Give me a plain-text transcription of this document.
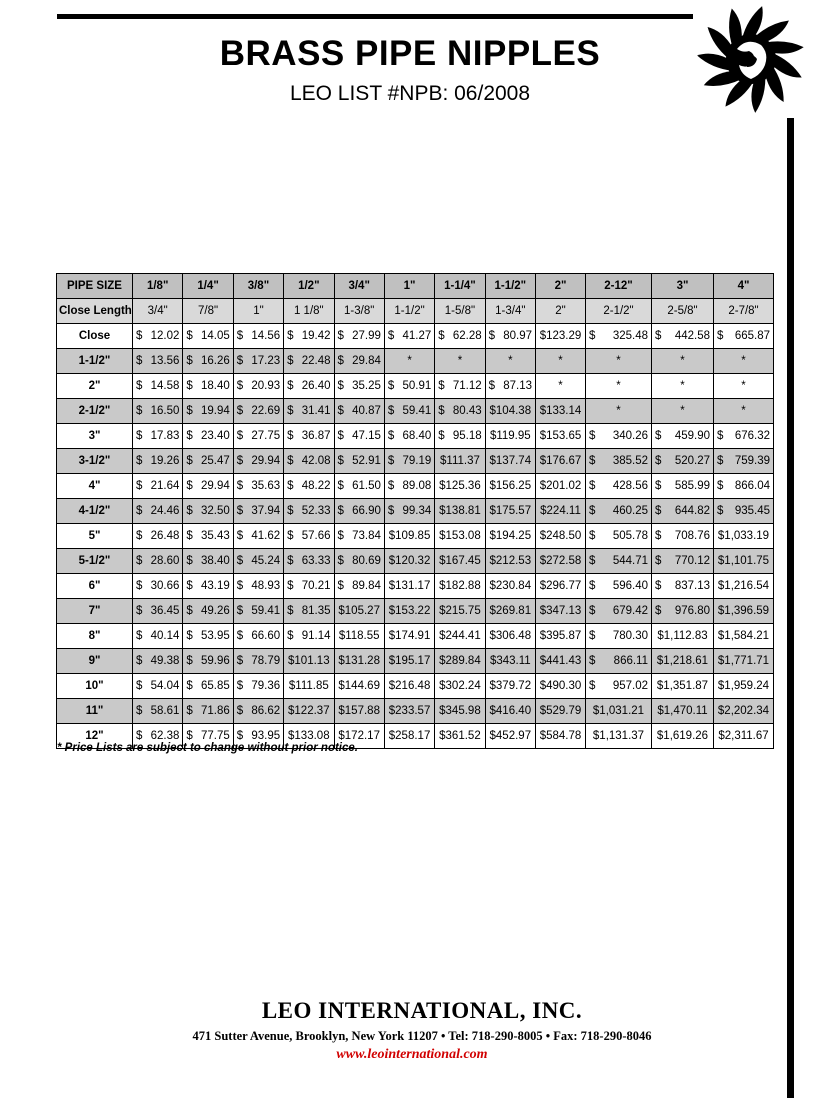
BRASS PIPE NIPPLES

LEO LIST #NPB: 06/2008

PIPE SIZE	1/8"	1/4"	3/8"	1/2"	3/4"	1"	1-1/4"	1-1/2"	2"	2-12"	3"	4"
Close Length	3/4"	7/8"	1"	1 1/8"	1-3/8"	1-1/2"	1-5/8"	1-3/4"	2"	2-1/2"	2-5/8"	2-7/8"
Close	$ 12.02	$ 14.05	$ 14.56	$ 19.42	$ 27.99	$ 41.27	$ 62.28	$ 80.97	$123.29	$ 325.48	$ 442.58	$ 665.87

1-1/2"	$ 13.56	$ 16.26	$ 17.23	$ 22.48	$ 29.84	*	*	*	*	*	*	*

2"	$ 14.58	$ 18.40	$ 20.93	$ 26.40	$ 35.25	$ 50.91	$ 71.12	$ 87.13	*	*	*	*

2-1/2"	$ 16.50	$ 19.94	$ 22.69	$ 31.41	$ 40.87	$ 59.41	$ 80.43	$104.38	$133.14	*	*	*

3"	$ 17.83	$ 23.40	$ 27.75	$ 36.87	$ 47.15	$ 68.40	$ 95.18	$119.95	$153.65	$ 340.26	$ 459.90	$ 676.32

3-1/2"	$ 19.26	$ 25.47	$ 29.94	$ 42.08	$ 52.91	$ 79.19	$111.37	$137.74	$176.67	$ 385.52	$ 520.27	$ 759.39

4"	$ 21.64	$ 29.94	$ 35.63	$ 48.22	$ 61.50	$ 89.08	$125.36	$156.25	$201.02	$ 428.56	$ 585.99	$ 866.04

4-1/2"	$ 24.46	$ 32.50	$ 37.94	$ 52.33	$ 66.90	$ 99.34	$138.81	$175.57	$224.11	$ 460.25	$ 644.82	$ 935.45

5"	$ 26.48	$ 35.43	$ 41.62	$ 57.66	$ 73.84	$109.85	$153.08	$194.25	$248.50	$ 505.78	$ 708.76	$1,033.19

5-1/2"	$ 28.60	$ 38.40	$ 45.24	$ 63.33	$ 80.69	$120.32	$167.45	$212.53	$272.58	$ 544.71	$ 770.12	$1,101.75

6"	$ 30.66	$ 43.19	$ 48.93	$ 70.21	$ 89.84	$131.17	$182.88	$230.84	$296.77	$ 596.40	$ 837.13	$1,216.54

7"	$ 36.45	$ 49.26	$ 59.41	$ 81.35	$105.27	$153.22	$215.75	$269.81	$347.13	$ 679.42	$ 976.80	$1,396.59

8"	$ 40.14	$ 53.95	$ 66.60	$ 91.14	$118.55	$174.91	$244.41	$306.48	$395.87	$ 780.30	$1,112.83	$1,584.21

9"	$ 49.38	$ 59.96	$ 78.79	$101.13	$131.28	$195.17	$289.84	$343.11	$441.43	$ 866.11	$1,218.61	$1,771.71

10"	$ 54.04	$ 65.85	$ 79.36	$111.85	$144.69	$216.48	$302.24	$379.72	$490.30	$ 957.02	$1,351.87	$1,959.24

11"	$ 58.61	$ 71.86	$ 86.62	$122.37	$157.88	$233.57	$345.98	$416.40	$529.79	$1,031.21	$1,470.11	$2,202.34

12"	$ 62.38	$ 77.75	$ 93.95	$133.08	$172.17	$258.17	$361.52	$452.97	$584.78	$1,131.37	$1,619.26	$2,311.67
* Price Lists are subject to change without prior notice.
LEO INTERNATIONAL, INC.
471 Sutter Avenue, Brooklyn, New York 11207 • Tel: 718-290-8005 • Fax: 718-290-8046
www.leointernational.com
